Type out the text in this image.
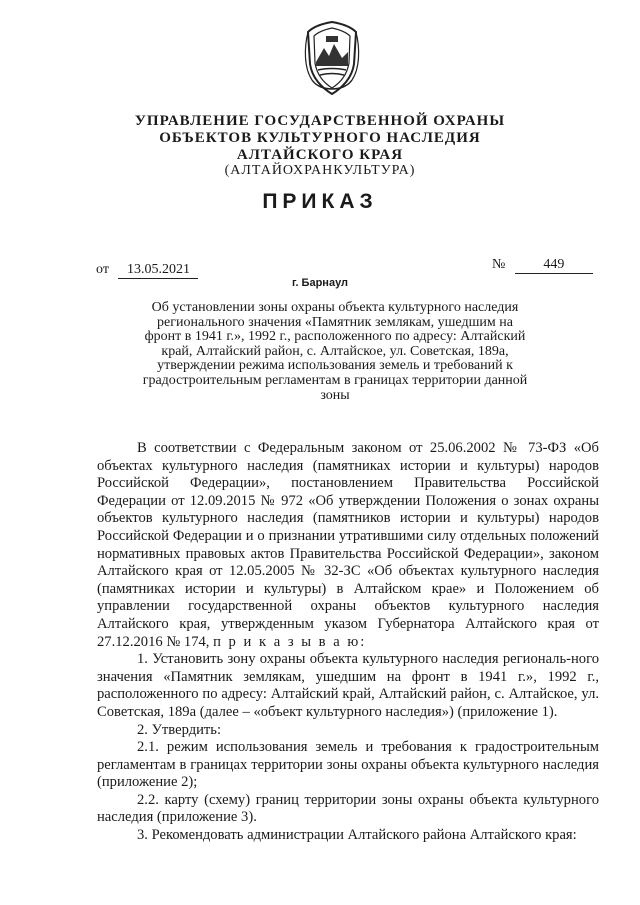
УПРАВЛЕНИЕ ГОСУДАРСТВЕННОЙ ОХРАНЫ
ОБЪЕКТОВ КУЛЬТУРНОГО НАСЛЕДИЯ
АЛТАЙСКОГО КРАЯ
(АЛТАЙОХРАНКУЛЬТУРА)
ПРИКАЗ
от 13.05.2021	№	449
г. Барнаул
Об установлении зоны охраны объекта культурного наследия регионального значения «Памятник землякам, ушедшим на фронт в 1941 г.», 1992 г., расположенного по адресу: Алтайский край, Алтайский район, с. Алтайское, ул. Советская, 189а, утверждении режима использования земель и требований к градостроительным регламентам в границах территории данной зоны

В соответствии с Федеральным законом от 25.06.2002 № 73-ФЗ «Об объектах культурного наследия (памятниках истории и культуры) народов Российской Федерации», постановлением Правительства Российской Федерации от 12.09.2015 № 972 «Об утверждении Положения о зонах охраны объектов культурного наследия (памятников истории и культуры) народов Российской Федерации и о признании утратившими силу отдельных положений нормативных правовых актов Правительства Российской Федерации», законом Алтайского края от 12.05.2005 № 32-ЗС «Об объектах культурного наследия (памятниках истории и культуры) в Алтайском крае» и Положением об управлении государственной охраны объектов культурного наследия Алтайского края, утвержденным указом Губернатора Алтайского края от 27.12.2016 № 174, п р и к а з ы в а ю:

1. Установить зону охраны объекта культурного наследия региональ-ного значения «Памятник землякам, ушедшим на фронт в 1941 г.», 1992 г., расположенного по адресу: Алтайский край, Алтайский район, с. Алтайское, ул. Советская, 189а (далее – «объект культурного наследия») (приложение 1).

2. Утвердить:

2.1. режим использования земель и требования к градостроительным регламентам в границах территории зоны охраны объекта культурного наследия (приложение 2);

2.2. карту (схему) границ территории зоны охраны объекта культурного наследия (приложение 3).

3. Рекомендовать администрации Алтайского района Алтайского края:
